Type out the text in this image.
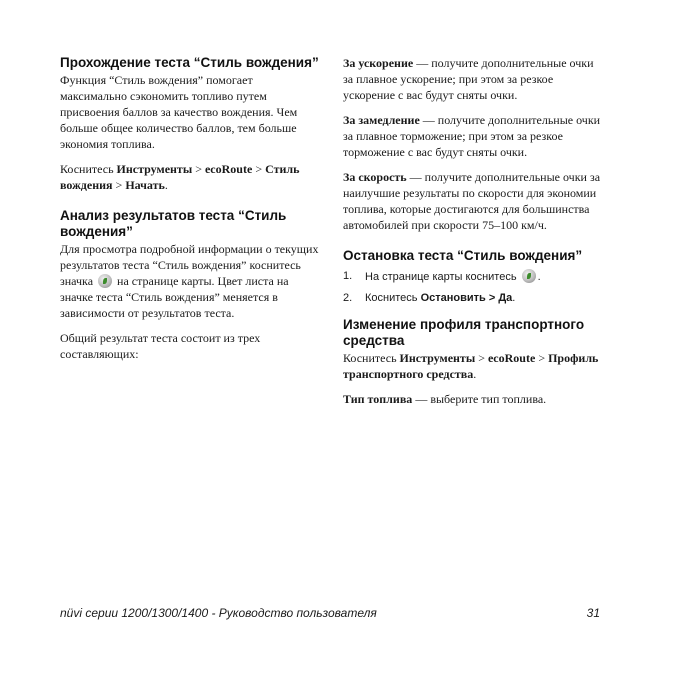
Прохождение теста “Стиль вождения”

Функция “Стиль вождения” помогает максимально сэкономить топливо путем присвоения баллов за качество вождения. Чем больше общее количество баллов, тем больше экономия топлива.

Коснитесь Инструменты > ecoRoute > Стиль вождения > Начать.

Анализ результатов теста “Стиль вождения”

Для просмотра подробной информации о текущих результатов теста “Стиль вождения” коснитесь значка  на странице карты. Цвет листа на значке теста “Стиль вождения” меняется в зависимости от результатов теста.

Общий результат теста состоит из трех составляющих:

За ускорение — получите дополнительные очки за плавное ускорение; при этом за резкое ускорение с вас будут сняты очки.

За замедление — получите дополнительные очки за плавное торможение; при этом за резкое торможение с вас будут сняты очки.

За скорость — получите дополнительные очки за наилучшие результаты по скорости для экономии топлива, которые достигаются для большинства автомобилей при скорости 75–100 км/ч.

Остановка теста “Стиль вождения”
1.	На странице карты коснитесь .
2.	Коснитесь Остановить > Да.
Изменение профиля транспортного средства

Коснитесь Инструменты > ecoRoute > Профиль транспортного средства.

Тип топлива — выберите тип топлива.

nüvi серии 1200/1300/1400 - Руководство пользователя	31
